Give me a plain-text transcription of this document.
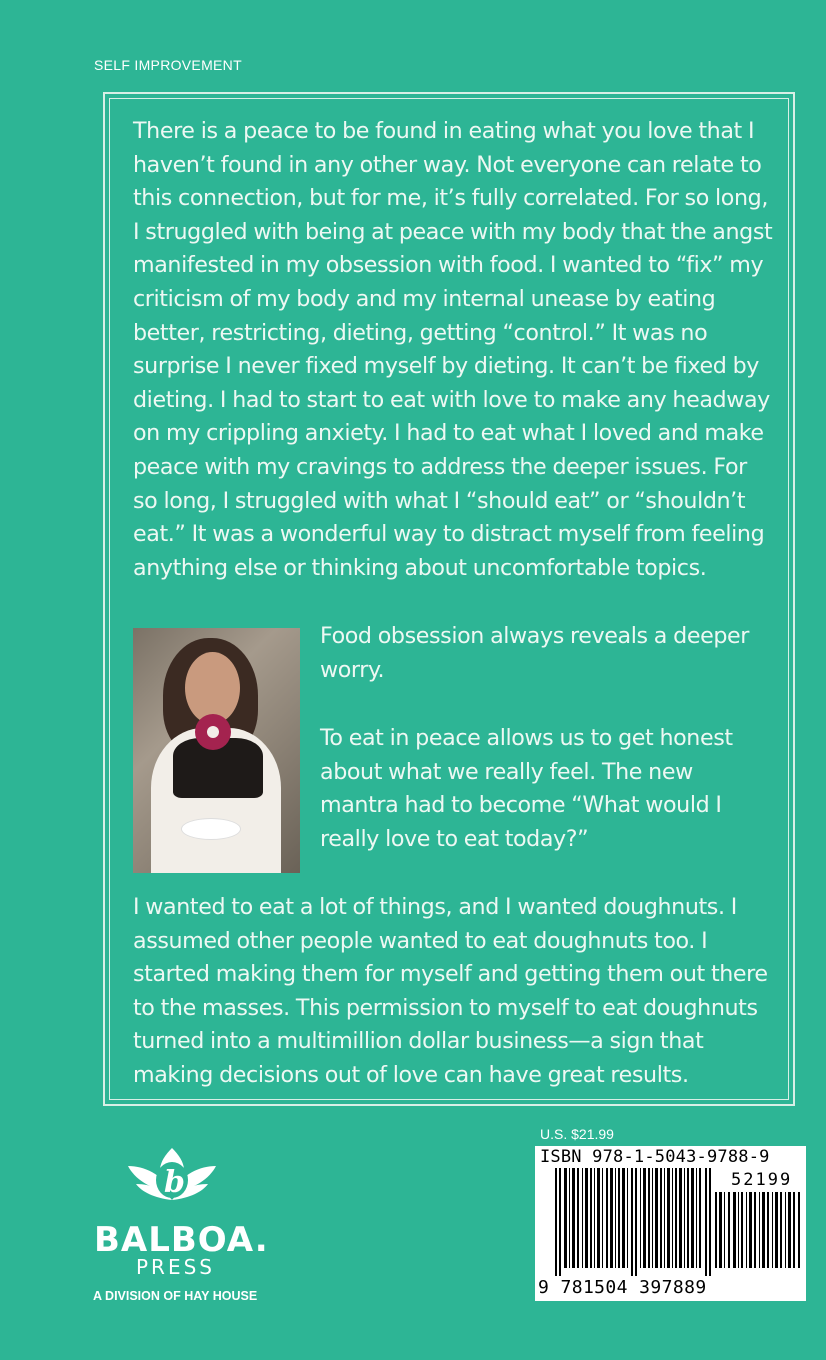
SELF IMPROVEMENT

There is a peace to be found in eating what you love that I haven’t found in any other way. Not everyone can relate to this connection, but for me, it’s fully correlated. For so long, I struggled with being at peace with my body that the angst manifested in my obsession with food. I wanted to “fix” my criticism of my body and my internal unease by eating better, restricting, dieting, getting “control.” It was no surprise I never fixed myself by dieting. It can’t be fixed by dieting. I had to start to eat with love to make any headway on my crippling anxiety. I had to eat what I loved and make peace with my cravings to address the deeper issues. For so long, I struggled with what I “should eat” or “shouldn’t eat.” It was a wonderful way to distract myself from feeling anything else or thinking about uncomfortable topics.

Food obsession always reveals a deeper worry.

To eat in peace allows us to get honest about what we really feel. The new mantra had to become “What would I really love to eat today?”

I wanted to eat a lot of things, and I wanted doughnuts. I assumed other people wanted to eat doughnuts too. I started making them for myself and getting them out there to the masses. This permission to myself to eat doughnuts turned into a multimillion dollar business—a sign that making decisions out of love can have great results.

b
BALBOA.
PRESS
A DIVISION OF HAY HOUSE
U.S. $21.99
ISBN 978-1-5043-9788-9
52199
9 781504 397889
